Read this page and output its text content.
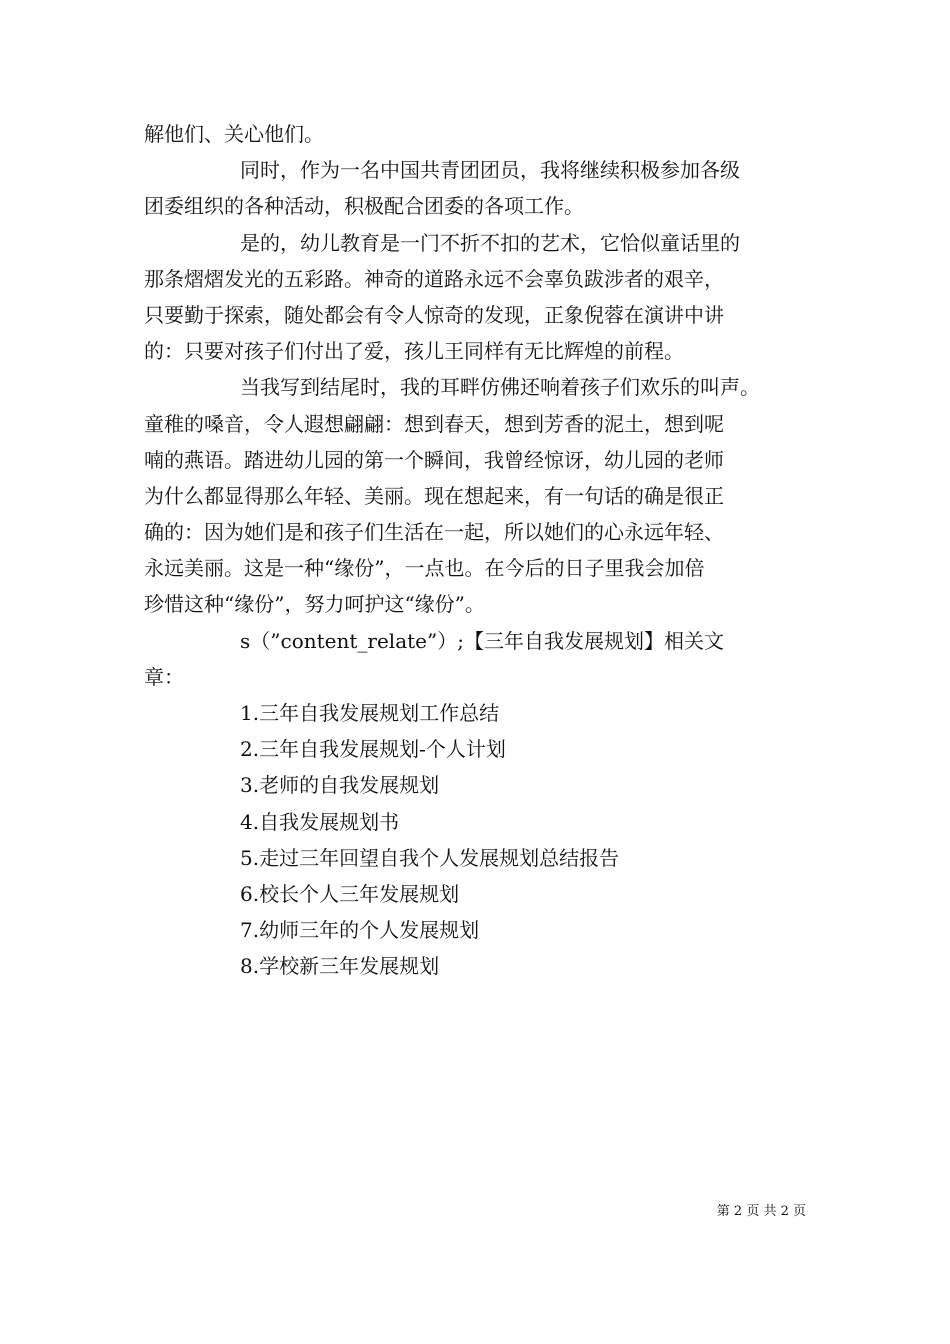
解他们、关心他们。
同时，作为一名中国共青团团员，我将继续积极参加各级
团委组织的各种活动，积极配合团委的各项工作。
是的，幼儿教育是一门不折不扣的艺术，它恰似童话里的
那条熠熠发光的五彩路。神奇的道路永远不会辜负跋涉者的艰辛，
只要勤于探索，随处都会有令人惊奇的发现，正象倪蓉在演讲中讲
的：只要对孩子们付出了爱，孩儿王同样有无比辉煌的前程。
当我写到结尾时，我的耳畔仿佛还响着孩子们欢乐的叫声。
童稚的嗓音，令人遐想翩翩：想到春天，想到芳香的泥土，想到呢
喃的燕语。踏进幼儿园的第一个瞬间，我曾经惊讶，幼儿园的老师
为什么都显得那么年轻、美丽。现在想起来，有一句话的确是很正
确的：因为她们是和孩子们生活在一起，所以她们的心永远年轻、
永远美丽。这是一种“缘份”，一点也。在今后的日子里我会加倍
珍惜这种“缘份”，努力呵护这“缘份”。
s（”content_relate”）;【三年自我发展规划】相关文
章：
1.三年自我发展规划工作总结
2.三年自我发展规划-个人计划
3.老师的自我发展规划
4.自我发展规划书
5.走过三年回望自我个人发展规划总结报告
6.校长个人三年发展规划
7.幼师三年的个人发展规划
8.学校新三年发展规划
第 2 页 共 2 页
